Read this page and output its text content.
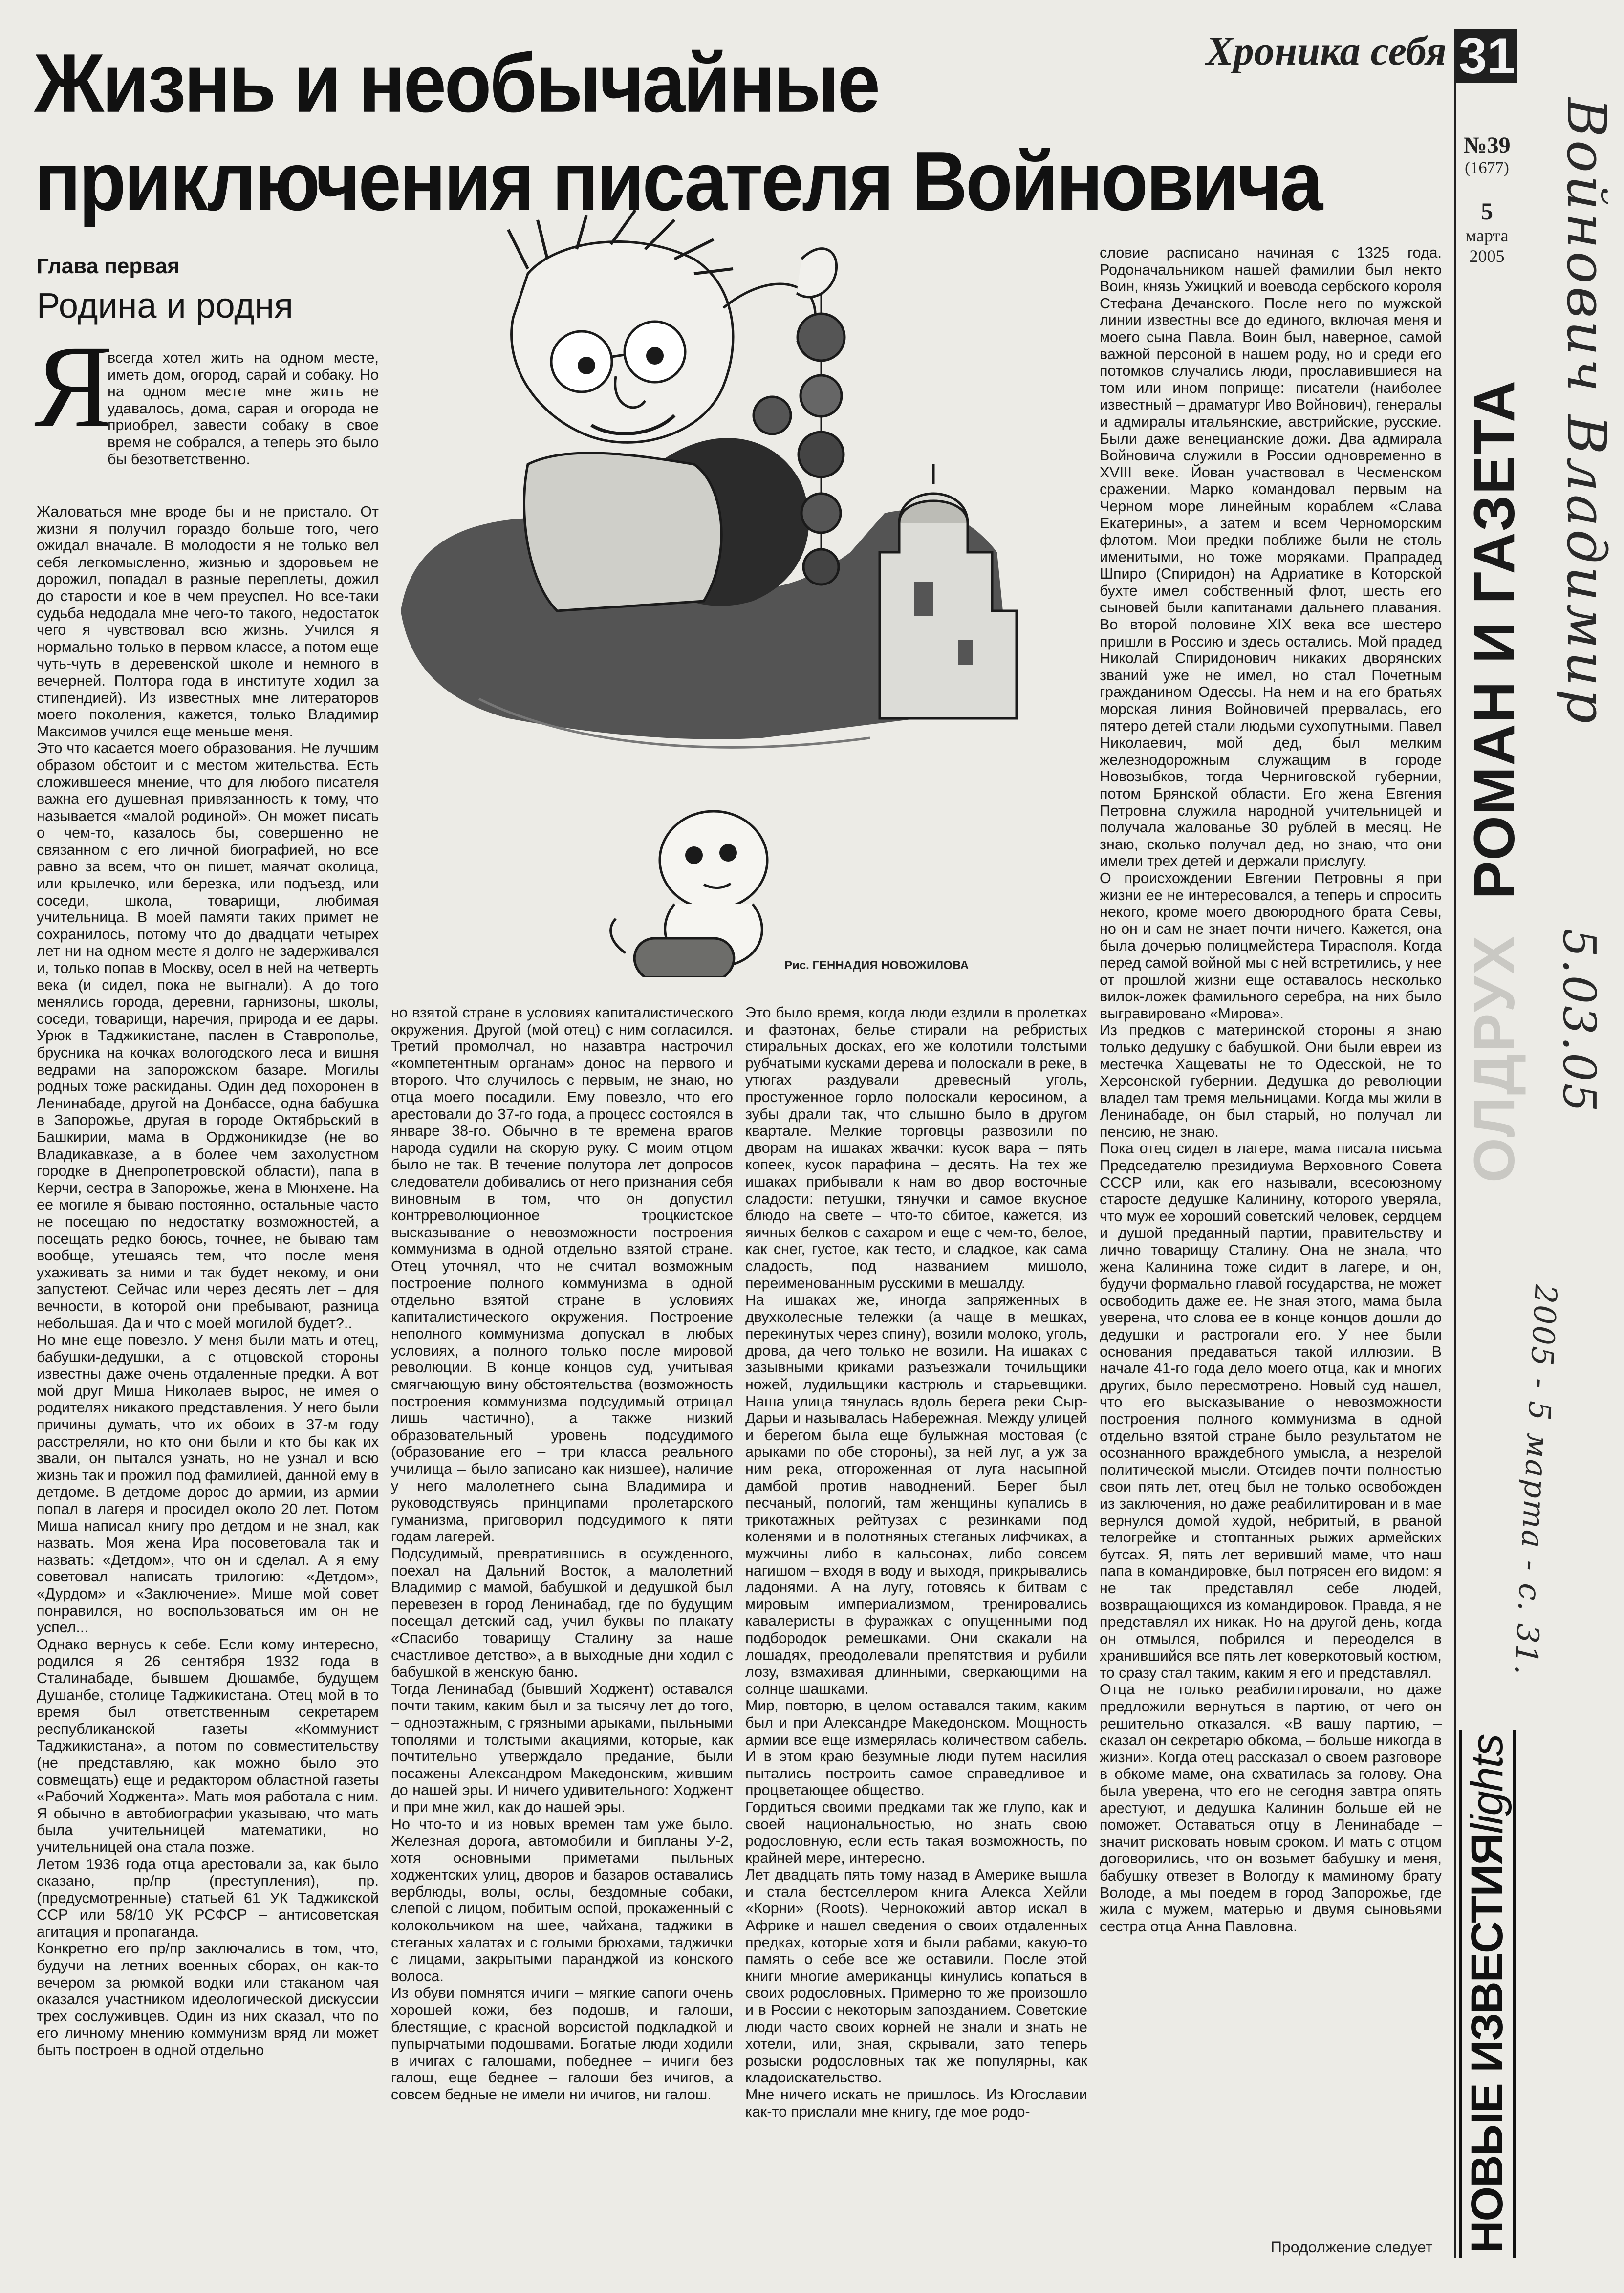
Жизнь и необычайные
приключения писателя Войновича
Хроника себя 31
№39
(1677)
5
марта
2005
РОМАН И ГАЗЕТА
ОЛДРУХ
НОВЫЕ ИЗВЕСТИЯlights
Войнович Владимир
5.03.05
2005 - 5 марта - с. 31.
Глава первая
Родина и родня
Я
Рис. ГЕННАДИЯ НОВОЖИЛОВА

всегда хотел жить на одном месте, иметь дом, огород, сарай и собаку. Но на одном месте мне жить не удавалось, дома, сарая и огорода не приобрел, завести собаку в свое время не собрался, а теперь это было бы безответственно.

Жаловаться мне вроде бы и не пристало. От жизни я получил гораздо больше того, чего ожидал вначале. В молодости я не только вел себя легкомысленно, жизнью и здоровьем не дорожил, попадал в разные переплеты, дожил до старости и кое в чем преуспел. Но все-таки судьба недодала мне чего-то такого, недостаток чего я чувствовал всю жизнь. Учился я нормально только в первом классе, а потом еще чуть-чуть в деревенской школе и немного в вечерней. Полтора года в институте ходил за стипендией). Из известных мне литераторов моего поколения, кажется, только Владимир Максимов учился еще меньше меня.

Это что касается моего образования. Не лучшим образом обстоит и с местом жительства. Есть сложившееся мнение, что для любого писателя важна его душевная привязанность к тому, что называется «малой родиной». Он может писать о чем-то, казалось бы, совершенно не связанном с его личной биографией, но все равно за всем, что он пишет, маячат околица, или крылечко, или березка, или подъезд, или соседи, школа, товарищи, любимая учительница. В моей памяти таких примет не сохранилось, потому что до двадцати четырех лет ни на одном месте я долго не задерживался и, только попав в Москву, осел в ней на четверть века (и сидел, пока не выгнали). А до того менялись города, деревни, гарнизоны, школы, соседи, товарищи, наречия, природа и ее дары. Урюк в Таджикистане, паслен в Ставрополье, брусника на кочках вологодского леса и вишня ведрами на запорожском базаре. Могилы родных тоже раскиданы. Один дед похоронен в Ленинабаде, другой на Донбассе, одна бабушка в Запорожье, другая в городе Октябрьский в Башкирии, мама в Орджоникидзе (не во Владикавказе, а в более чем захолустном городке в Днепропетровской области), папа в Керчи, сестра в Запорожье, жена в Мюнхене. На ее могиле я бываю постоянно, остальные часто не посещаю по недостатку возможностей, а посещать редко боюсь, точнее, не бываю там вообще, утешаясь тем, что после меня ухаживать за ними и так будет некому, и они запустеют. Сейчас или через десять лет – для вечности, в которой они пребывают, разница небольшая. Да и что с моей могилой будет?..

Но мне еще повезло. У меня были мать и отец, бабушки-дедушки, а с отцовской стороны известны даже очень отдаленные предки. А вот мой друг Миша Николаев вырос, не имея о родителях никакого представления. У него были причины думать, что их обоих в 37-м году расстреляли, но кто они были и кто бы как их звали, он пытался узнать, но не узнал и всю жизнь так и прожил под фамилией, данной ему в детдоме. В детдоме дорос до армии, из армии попал в лагеря и просидел около 20 лет. Потом Миша написал книгу про детдом и не знал, как назвать. Моя жена Ира посоветовала так и назвать: «Детдом», что он и сделал. А я ему советовал написать трилогию: «Детдом», «Дурдом» и «Заключение». Мише мой совет понравился, но воспользоваться им он не успел...

Однако вернусь к себе. Если кому интересно, родился я 26 сентября 1932 года в Сталинабаде, бывшем Дюшамбе, будущем Душанбе, столице Таджикистана. Отец мой в то время был ответственным секретарем республиканской газеты «Коммунист Таджикистана», а потом по совместительству (не представляю, как можно было это совмещать) еще и редактором областной газеты «Рабочий Ходжента». Мать моя работала с ним. Я обычно в автобиографии указываю, что мать была учительницей математики, но учительницей она стала позже.

Летом 1936 года отца арестовали за, как было сказано, пр/пр (преступления), пр. (предусмотренные) статьей 61 УК Таджикской ССР или 58/10 УК РСФСР – антисоветская агитация и пропаганда.

Конкретно его пр/пр заключались в том, что, будучи на летних военных сборах, он как-то вечером за рюмкой водки или стаканом чая оказался участником идеологической дискуссии трех сослуживцев. Один из них сказал, что по его личному мнению коммунизм вряд ли может быть построен в одной отдельно

но взятой стране в условиях капиталистического окружения. Другой (мой отец) с ним согласился. Третий промолчал, но назавтра настрочил «компетентным органам» донос на первого и второго. Что случилось с первым, не знаю, но отца моего посадили. Ему повезло, что его арестовали до 37-го года, а процесс состоялся в январе 38-го. Обычно в те времена врагов народа судили на скорую руку. С моим отцом было не так. В течение полутора лет допросов следователи добивались от него признания себя виновным в том, что он допустил контрреволюционное троцкистское высказывание о невозможности построения коммунизма в одной отдельно взятой стране. Отец уточнял, что не считал возможным построение полного коммунизма в одной отдельно взятой стране в условиях капиталистического окружения. Построение неполного коммунизма допускал в любых условиях, а полного только после мировой революции. В конце концов суд, учитывая смягчающую вину обстоятельства (возможность построения коммунизма подсудимый отрицал лишь частично), а также низкий образовательный уровень подсудимого (образование его – три класса реального училища – было записано как низшее), наличие у него малолетнего сына Владимира и руководствуясь принципами пролетарского гуманизма, приговорил подсудимого к пяти годам лагерей.

Подсудимый, превратившись в осужденного, поехал на Дальний Восток, а малолетний Владимир с мамой, бабушкой и дедушкой был перевезен в город Ленинабад, где по будущим посещал детский сад, учил буквы по плакату «Спасибо товарищу Сталину за наше счастливое детство», а в выходные дни ходил с бабушкой в женскую баню.

Тогда Ленинабад (бывший Ходжент) оставался почти таким, каким был и за тысячу лет до того, – одноэтажным, с грязными арыками, пыльными тополями и толстыми акациями, которые, как почтительно утверждало предание, были посажены Александром Македонским, жившим до нашей эры. И ничего удивительного: Ходжент и при мне жил, как до нашей эры.

Но что-то и из новых времен там уже было. Железная дорога, автомобили и бипланы У-2, хотя основными приметами пыльных ходжентских улиц, дворов и базаров оставались верблюды, волы, ослы, бездомные собаки, слепой с лицом, побитым оспой, прокаженный с колокольчиком на шее, чайхана, таджики в стеганых халатах и с голыми брюхами, таджички с лицами, закрытыми паранджой из конского волоса.

Из обуви помнятся ичиги – мягкие сапоги очень хорошей кожи, без подошв, и галоши, блестящие, с красной ворсистой подкладкой и пупырчатыми подошвами. Богатые люди ходили в ичигах с галошами, победнее – ичиги без галош, еще беднее – галоши без ичигов, а совсем бедные не имели ни ичигов, ни галош.

Это было время, когда люди ездили в пролетках и фаэтонах, белье стирали на ребристых стиральных досках, его же колотили толстыми рубчатыми кусками дерева и полоскали в реке, в утюгах раздували древесный уголь, простуженное горло полоскали керосином, а зубы драли так, что слышно было в другом квартале. Мелкие торговцы развозили по дворам на ишаках жвачки: кусок вара – пять копеек, кусок парафина – десять. На тех же ишаках прибывали к нам во двор восточные сладости: петушки, тянучки и самое вкусное блюдо на свете – что-то сбитое, кажется, из яичных белков с сахаром и еще с чем-то, белое, как снег, густое, как тесто, и сладкое, как сама сладость, под названием мишоло, переименованным русскими в мешалду.

На ишаках же, иногда запряженных в двухколесные тележки (а чаще в мешках, перекинутых через спину), возили молоко, уголь, дрова, да чего только не возили. На ишаках с зазывными криками разъезжали точильщики ножей, лудильщики кастрюль и старьевщики. Наша улица тянулась вдоль берега реки Сыр-Дарьи и называлась Набережная. Между улицей и берегом была еще булыжная мостовая (с арыками по обе стороны), за ней луг, а уж за ним река, отгороженная от луга насыпной дамбой против наводнений. Берег был песчаный, пологий, там женщины купались в трикотажных рейтузах с резинками под коленями и в полотняных стеганых лифчиках, а мужчины либо в кальсонах, либо совсем нагишом – входя в воду и выходя, прикрывались ладонями. А на лугу, готовясь к битвам с мировым империализмом, тренировались кавалеристы в фуражках с опущенными под подбородок ремешками. Они скакали на лошадях, преодолевали препятствия и рубили лозу, взмахивая длинными, сверкающими на солнце шашками.

Мир, повторю, в целом оставался таким, каким был и при Александре Македонском. Мощность армии все еще измерялась количеством сабель. И в этом краю безумные люди путем насилия пытались построить самое справедливое и процветающее общество.

Гордиться своими предками так же глупо, как и своей национальностью, но знать свою родословную, если есть такая возможность, по крайней мере, интересно.

Лет двадцать пять тому назад в Америке вышла и стала бестселлером книга Алекса Хейли «Корни» (Roots). Чернокожий автор искал в Африке и нашел сведения о своих отдаленных предках, которые хотя и были рабами, какую-то память о себе все же оставили. После этой книги многие американцы кинулись копаться в своих родословных. Примерно то же произошло и в России с некоторым запозданием. Советские люди часто своих корней не знали и знать не хотели, или, зная, скрывали, зато теперь розыски родословных так же популярны, как кладоискательство.

Мне ничего искать не пришлось. Из Югославии как-то прислали мне книгу, где мое родо-

словие расписано начиная с 1325 года. Родоначальником нашей фамилии был некто Воин, князь Ужицкий и воевода сербского короля Стефана Дечанского. После него по мужской линии известны все до единого, включая меня и моего сына Павла. Воин был, наверное, самой важной персоной в нашем роду, но и среди его потомков случались люди, прославившиеся на том или ином поприще: писатели (наиболее известный – драматург Иво Войнович), генералы и адмиралы итальянские, австрийские, русские. Были даже венецианские дожи. Два адмирала Войновича служили в России одновременно в XVIII веке. Йован участвовал в Чесменском сражении, Марко командовал первым на Черном море линейным кораблем «Слава Екатерины», а затем и всем Черноморским флотом. Мои предки поближе были не столь именитыми, но тоже моряками. Прапрадед Шпиро (Спиридон) на Адриатике в Которской бухте имел собственный флот, шесть его сыновей были капитанами дальнего плавания. Во второй половине XIX века все шестеро пришли в Россию и здесь остались. Мой прадед Николай Спиридонович никаких дворянских званий уже не имел, но стал Почетным гражданином Одессы. На нем и на его братьях морская линия Войновичей прервалась, его пятеро детей стали людьми сухопутными. Павел Николаевич, мой дед, был мелким железнодорожным служащим в городе Новозыбков, тогда Черниговской губернии, потом Брянской области. Его жена Евгения Петровна служила народной учительницей и получала жалованье 30 рублей в месяц. Не знаю, сколько получал дед, но знаю, что они имели трех детей и держали прислугу.

О происхождении Евгении Петровны я при жизни ее не интересовался, а теперь и спросить некого, кроме моего двоюродного брата Севы, но он и сам не знает почти ничего. Кажется, она была дочерью полицмейстера Тирасполя. Когда перед самой войной мы с ней встретились, у нее от прошлой жизни еще оставалось несколько вилок-ложек фамильного серебра, на них было выгравировано «Мирова».

Из предков с материнской стороны я знаю только дедушку с бабушкой. Они были евреи из местечка Хащеваты не то Одесской, не то Херсонской губернии. Дедушка до революции владел там тремя мельницами. Когда мы жили в Ленинабаде, он был старый, но получал ли пенсию, не знаю.

Пока отец сидел в лагере, мама писала письма Председателю президиума Верховного Совета СССР или, как его называли, всесоюзному старосте дедушке Калинину, которого уверяла, что муж ее хороший советский человек, сердцем и душой преданный партии, правительству и лично товарищу Сталину. Она не знала, что жена Калинина тоже сидит в лагере, и он, будучи формально главой государства, не может освободить даже ее. Не зная этого, мама была уверена, что слова ее в конце концов дошли до дедушки и растрогали его. У нее были основания предаваться такой иллюзии. В начале 41-го года дело моего отца, как и многих других, было пересмотрено. Новый суд нашел, что его высказывание о невозможности построения полного коммунизма в одной отдельно взятой стране было результатом не осознанного враждебного умысла, а незрелой политической мысли. Отсидев почти полностью свои пять лет, отец был не только освобожден из заключения, но даже реабилитирован и в мае вернулся домой худой, небритый, в рваной телогрейке и стоптанных рыжих армейских бутсах. Я, пять лет веривший маме, что наш папа в командировке, был потрясен его видом: я не так представлял себе людей, возвращающихся из командировок. Правда, я не представлял их никак. Но на другой день, когда он отмылся, побрился и переоделся в хранившийся все пять лет коверкотовый костюм, то сразу стал таким, каким я его и представлял.

Отца не только реабилитировали, но даже предложили вернуться в партию, от чего он решительно отказался. «В вашу партию, – сказал он секретарю обкома, – больше никогда в жизни». Когда отец рассказал о своем разговоре в обкоме маме, она схватилась за голову. Она была уверена, что его не сегодня завтра опять арестуют, и дедушка Калинин больше ей не поможет. Оставаться отцу в Ленинабаде – значит рисковать новым сроком. И мать с отцом договорились, что он возьмет бабушку и меня, бабушку отвезет в Вологду к маминому брату Володе, а мы поедем в город Запорожье, где жила с мужем, матерью и двумя сыновьями сестра отца Анна Павловна.

Продолжение следует
